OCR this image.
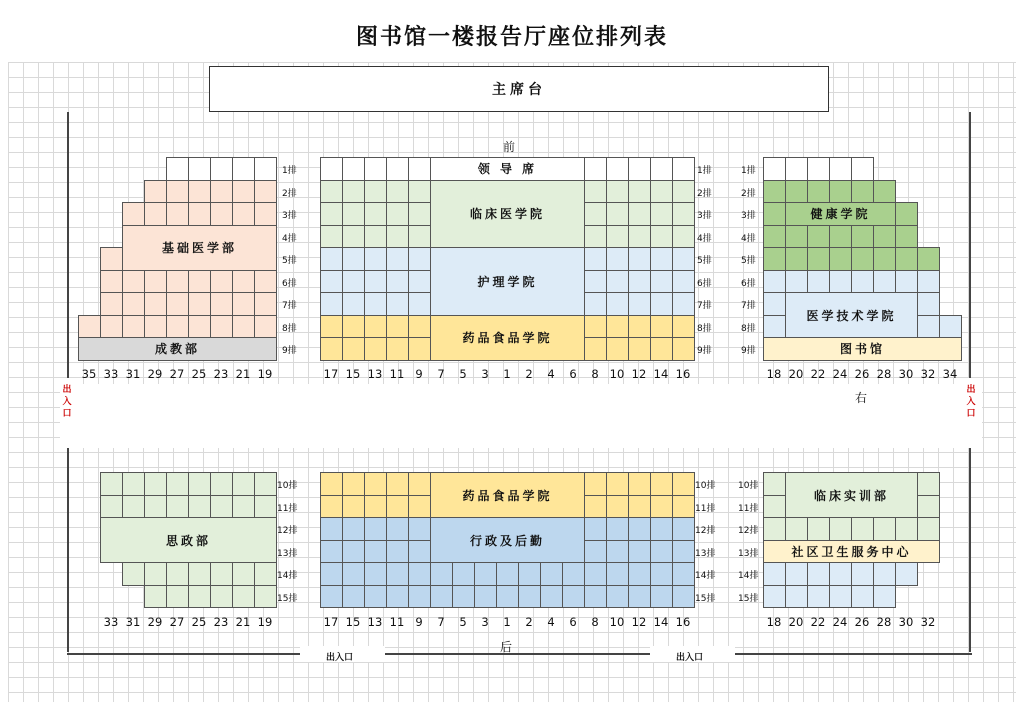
图书馆一楼报告厅座位排列表
主席台
出入口
出入口
出入口	出入口
前
后
右
基础医学部
成教部
领 导 席
临床医学院
护理学院
药品食品学院
健康学院
医学技术学院
图书馆
思政部
药品食品学院
行政及后勤
临床实训部
社区卫生服务中心
1排	1排	1排
2排	2排	2排
3排	3排	3排
4排	4排	4排
5排	5排	5排
6排	6排	6排
7排	7排	7排
8排	8排	8排
9排	9排	9排
10排	10排	10排
11排	11排	11排
12排	12排	12排
13排	13排	13排
14排	14排	14排
15排	15排	15排
35 33 31 29 27 25 23 21 19	17 15 13 11 9	7	5	3	1	2	4	6	8 10 12 14 16	18 20 22 24 26 28 30 32 34
33 31 29 27 25 23 21 19	17 15 13 11 9	7	5	3	1	2	4	6	8 10 12 14 16	18 20 22 24 26 28 30 32
